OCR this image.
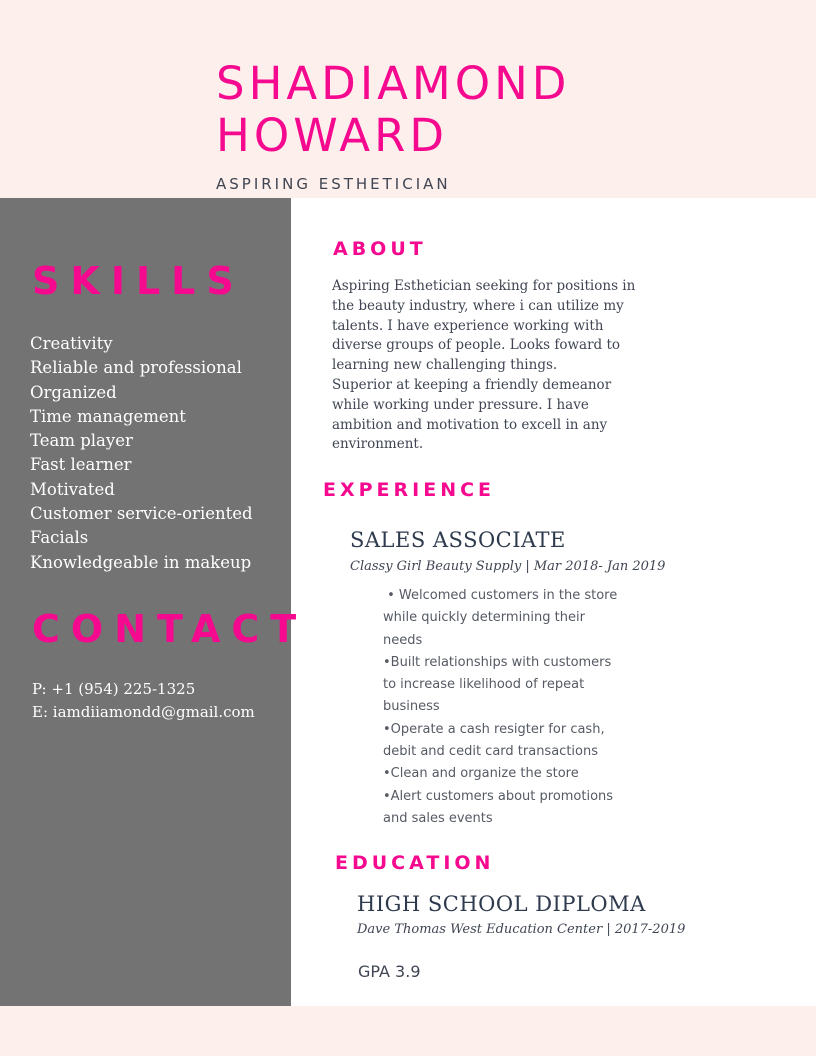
SHADIAMOND
HOWARD
ASPIRING ESTHETICIAN
SKILLS
Creativity
Reliable and professional
Organized
Time management
Team player
Fast learner
Motivated
Customer service-oriented
Facials
Knowledgeable in makeup
CONTACT
P: +1 (954) 225-1325
E: iamdiiamondd@gmail.com
ABOUT

Aspiring Esthetician seeking for positions in

the beauty industry, where i can utilize my

talents. I have experience working with

diverse groups of people. Looks foward to

learning new challenging things.

Superior at keeping a friendly demeanor

while working under pressure. I have

ambition and motivation to excell in any

environment.

EXPERIENCE
SALES ASSOCIATE
Classy Girl Beauty Supply | Mar 2018- Jan 2019
• Welcomed customers in the store
while quickly determining their
needs
•Built relationships with customers
to increase likelihood of repeat
business
•Operate a cash resigter for cash,
debit and cedit card transactions
•Clean and organize the store
•Alert customers about promotions
and sales events
EDUCATION
HIGH SCHOOL DIPLOMA
Dave Thomas West Education Center | 2017-2019
GPA 3.9
